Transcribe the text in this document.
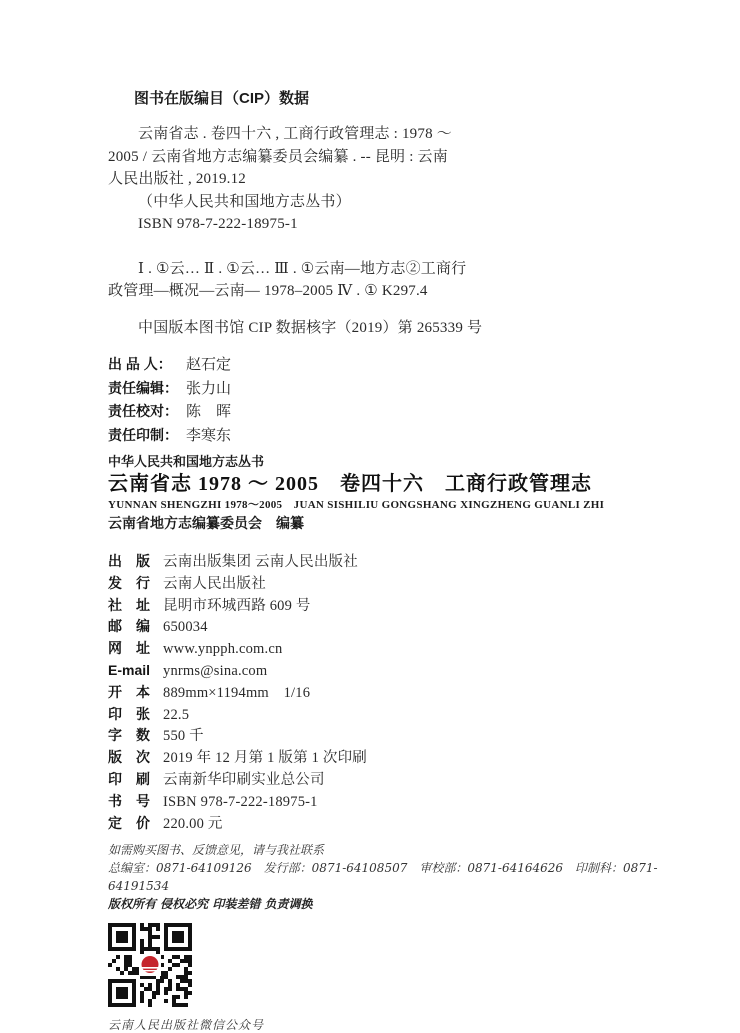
图书在版编目（CIP）数据
云南省志 . 卷四十六 , 工商行政管理志 : 1978 ～
2005 / 云南省地方志编纂委员会编纂 . -- 昆明 : 云南
人民出版社 , 2019.12
（中华人民共和国地方志丛书）
ISBN 978-7-222-18975-1
Ⅰ . ①云… Ⅱ . ①云… Ⅲ . ①云南—地方志②工商行
政管理—概况—云南— 1978–2005 Ⅳ . ① K297.4
中国版本图书馆 CIP 数据核字（2019）第 265339 号
出 品 人： 赵石定
责任编辑： 张力山
责任校对： 陈　晖
责任印制： 李寒东
中华人民共和国地方志丛书
云南省志 1978 ～ 2005　卷四十六　工商行政管理志
YUNNAN SHENGZHI 1978～2005　JUAN SISHILIU GONGSHANG XINGZHENG GUANLI ZHI
云南省地方志编纂委员会　编纂
出　版 云南出版集团 云南人民出版社
发　行 云南人民出版社
社　址 昆明市环城西路 609 号
邮　编 650034
网　址 www.ynpph.com.cn
E-mail ynrms@sina.com
开　本 889mm×1194mm　1/16
印　张 22.5
字　数 550 千
版　次 2019 年 12 月第 1 版第 1 次印刷
印　刷 云南新华印刷实业总公司
书　号 ISBN 978-7-222-18975-1
定　价 220.00 元
如需购买图书、反馈意见，请与我社联系
总编室：0871-64109126　发行部：0871-64108507　审校部：0871-64164626　印制科：0871-64191534
版权所有 侵权必究 印装差错 负责调换
云南人民出版社微信公众号
